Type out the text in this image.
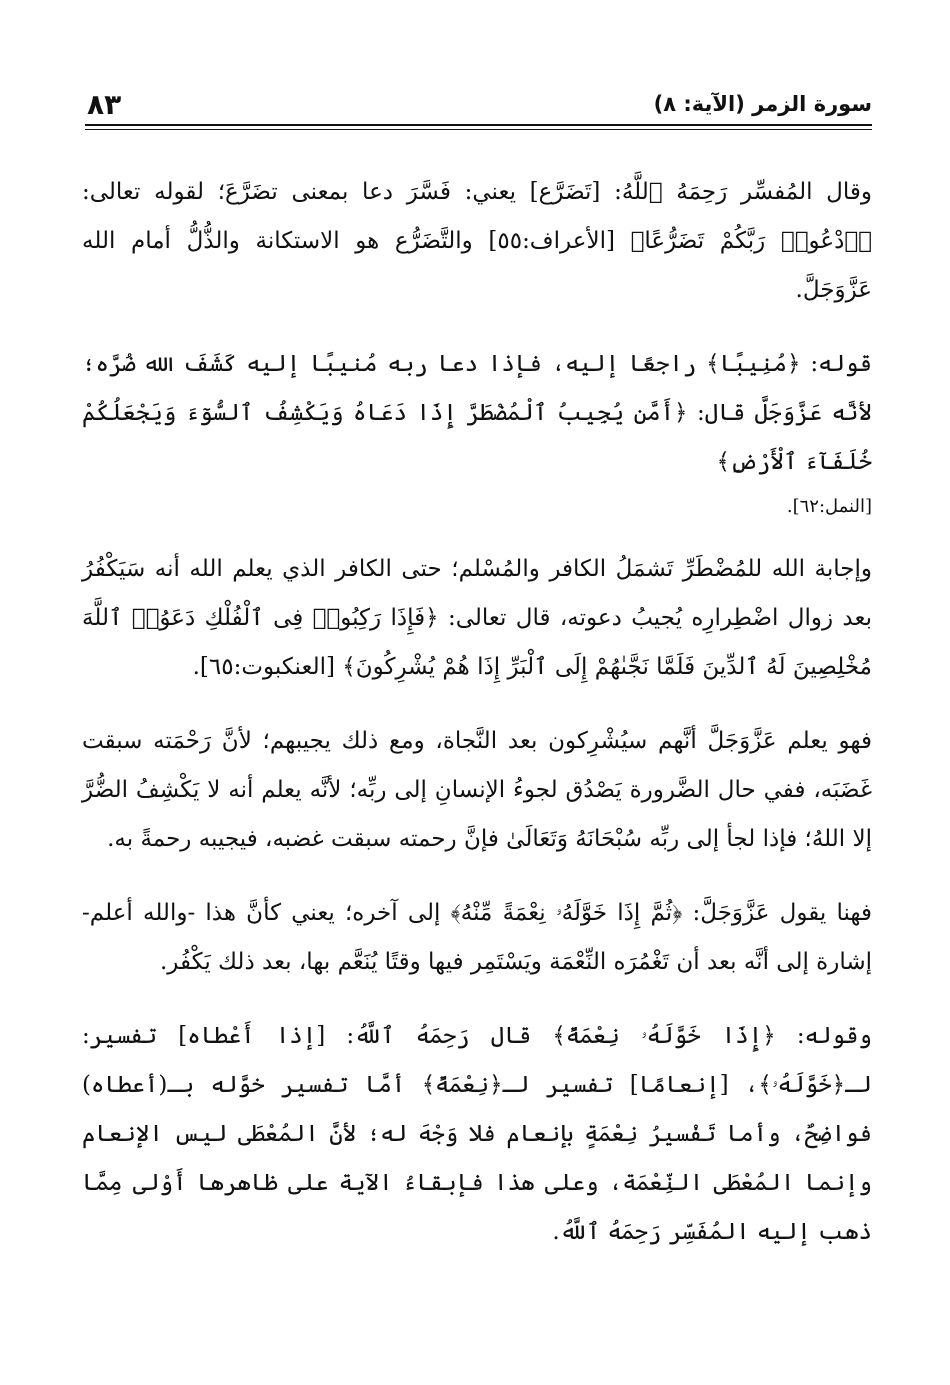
٨٣	سورة الزمر (الآية: ٨)

وقال المُفسِّر رَحِمَهُ ٱللَّهُ: [تَضَرَّع] يعني: فَسَّرَ دعا بمعنى تضَرَّعَ؛ لقوله تعالى: ﴿ٱدْعُوا۟ رَبَّكُمْ تَضَرُّعًا﴾ [الأعراف:٥٥] والتَّضَرُّع هو الاستكانة والذُّلُّ أمام الله عَزَّوَجَلَّ.

قوله: ﴿مُنِيبًا﴾ راجعًا إليه، فإذا دعا ربه مُنيبًا إليه كَشَفَ الله ضُرَّه؛ لأنَّه عَزَّوَجَلَّ قال: ﴿أَمَّن يُجِيبُ ٱلْمُضْطَرَّ إِذَا دَعَاهُ وَيَكْشِفُ ٱلسُّوٓءَ وَيَجْعَلُكُمْ خُلَفَآءَ ٱلْأَرْضِ﴾
[النمل:٦٢].

وإجابة الله للمُضْطَرِّ تَشمَلُ الكافر والمُسْلم؛ حتى الكافر الذي يعلم الله أنه سَيَكْفُرُ بعد زوال اضْطِرارِه يُجيبُ دعوته، قال تعالى: ﴿فَإِذَا رَكِبُوا۟ فِى ٱلْفُلْكِ دَعَوُا۟ ٱللَّهَ مُخْلِصِينَ لَهُ ٱلدِّينَ فَلَمَّا نَجَّىٰهُمْ إِلَى ٱلْبَرِّ إِذَا هُمْ يُشْرِكُونَ﴾ [العنكبوت:٦٥].

فهو يعلم عَزَّوَجَلَّ أنَّهم سيُشْرِكون بعد النَّجاة، ومع ذلك يجيبهم؛ لأنَّ رَحْمَته سبقت غَضَبَه، ففي حال الضَّرورة يَصْدُق لجوءُ الإنسانِ إلى ربِّه؛ لأنَّه يعلم أنه لا يَكْشِفُ الضُّرَّ إلا اللهُ؛ فإذا لجأ إلى ربِّه سُبْحَانَهُ وَتَعَالَىٰ فإنَّ رحمته سبقت غضبه، فيجيبه رحمةً به.

فهنا يقول عَزَّوَجَلَّ: ﴿ثُمَّ إِذَا خَوَّلَهُۥ نِعْمَةً مِّنْهُ﴾ إلى آخره؛ يعني كأنَّ هذا -والله أعلم- إشارة إلى أنَّه بعد أن تَغْمُرَه النِّعْمَة ويَسْتَمِر فيها وقتًا يُنَعَّم بها، بعد ذلك يَكْفُر.

وقوله: ﴿إِذَا خَوَّلَهُۥ نِعْمَةً﴾ قال رَحِمَهُ ٱللَّهُ: [إذا أَعْطاه] تفسير: لـ﴿خَوَّلَهُۥ﴾، [إنعامًا] تفسير لـ﴿نِعْمَةً﴾ أمَّا تفسير خوَّله بـ(أعطاه) فواضِحٌ، وأما تَفْسيرُ نِعْمَةٍ بإنعام فلا وَجْهَ له؛ لأنَّ المُعْطَى ليس الإنعام وإنما المُعْطَى النِّعْمَة، وعلى هذا فإبقاءُ الآية على ظاهرها أَوْلى مِمَّا ذهب إليه المُفَسِّر رَحِمَهُ ٱللَّهُ.
